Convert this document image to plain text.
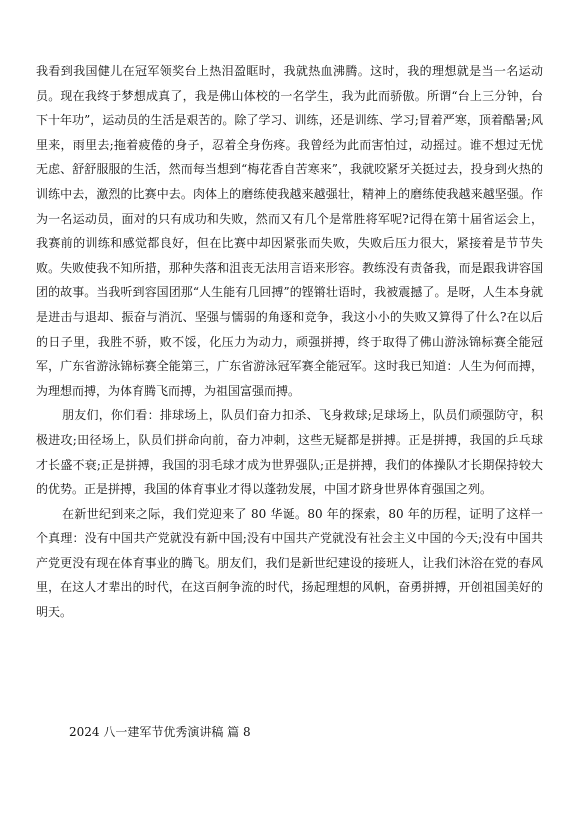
我看到我国健儿在冠军领奖台上热泪盈眶时，我就热血沸腾。这时，我的理想就是当一名运动员。现在我终于梦想成真了，我是佛山体校的一名学生，我为此而骄傲。所谓“台上三分钟，台下十年功”，运动员的生活是艰苦的。除了学习、训练，还是训练、学习;冒着严寒，顶着酷暑;风里来，雨里去;拖着疲倦的身子，忍着全身伤疼。我曾经为此而害怕过，动摇过。谁不想过无忧无虑、舒舒服服的生活，然而每当想到“梅花香自苦寒来”，我就咬紧牙关挺过去，投身到火热的训练中去，激烈的比赛中去。肉体上的磨练使我越来越强壮，精神上的磨练使我越来越坚强。作为一名运动员，面对的只有成功和失败，然而又有几个是常胜将军呢?记得在第十届省运会上，我赛前的训练和感觉都良好，但在比赛中却因紧张而失败，失败后压力很大，紧接着是节节失败。失败使我不知所措，那种失落和沮丧无法用言语来形容。教练没有责备我，而是跟我讲容国团的故事。当我听到容国团那“人生能有几回搏”的铿锵壮语时，我被震撼了。是呀，人生本身就是进击与退却、振奋与消沉、坚强与懦弱的角逐和竞争，我这小小的失败又算得了什么?在以后的日子里，我胜不骄，败不馁，化压力为动力，顽强拼搏，终于取得了佛山游泳锦标赛全能冠军，广东省游泳锦标赛全能第三，广东省游泳冠军赛全能冠军。这时我已知道：人生为何而搏，为理想而搏，为体育腾飞而搏，为祖国富强而搏。

朋友们，你们看：排球场上，队员们奋力扣杀、飞身救球;足球场上，队员们顽强防守，积极进攻;田径场上，队员们拼命向前，奋力冲刺，这些无疑都是拼搏。正是拼搏，我国的乒乓球才长盛不衰;正是拼搏，我国的羽毛球才成为世界强队;正是拼搏，我们的体操队才长期保持较大的优势。正是拼搏，我国的体育事业才得以蓬勃发展，中国才跻身世界体育强国之列。

在新世纪到来之际，我们党迎来了 80 华诞。80 年的探索，80 年的历程，证明了这样一个真理：没有中国共产党就没有新中国;没有中国共产党就没有社会主义中国的今天;没有中国共产党更没有现在体育事业的腾飞。朋友们，我们是新世纪建设的接班人，让我们沐浴在党的春风里，在这人才辈出的时代，在这百舸争流的时代，扬起理想的风帆，奋勇拼搏，开创祖国美好的明天。

2024 八一建军节优秀演讲稿 篇 8
